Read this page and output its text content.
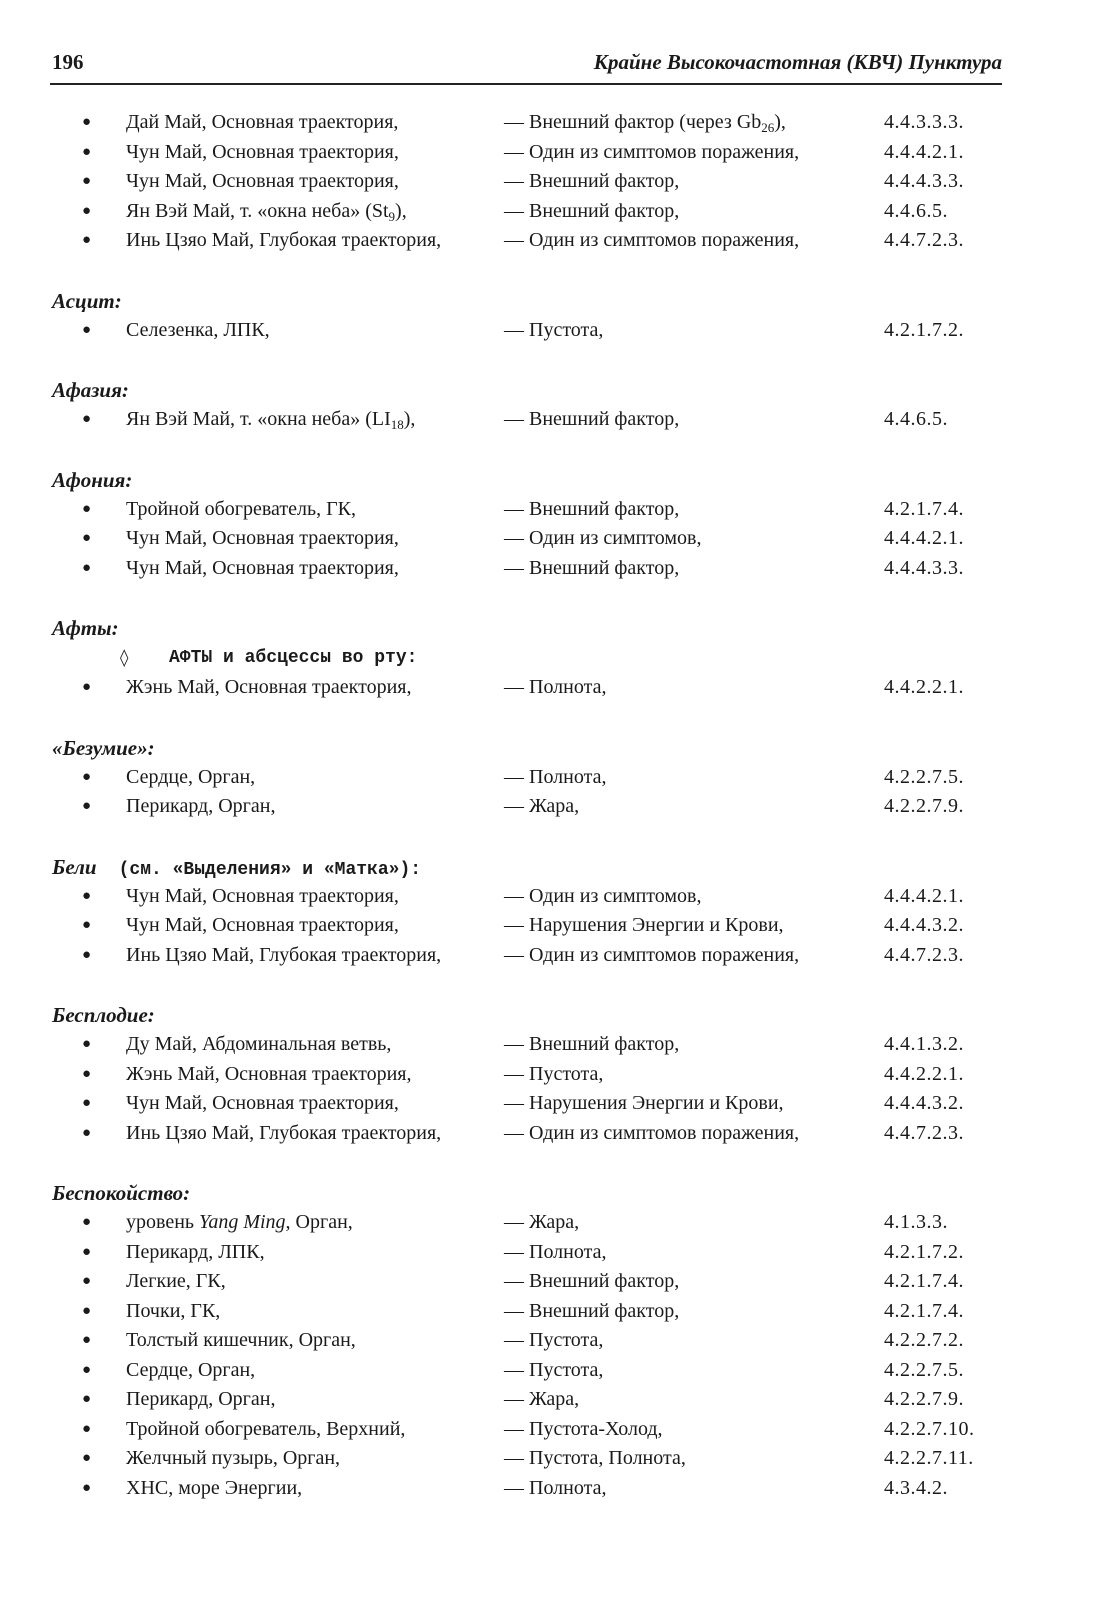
196	Крайне Высокочастотная (КВЧ) Пунктура
● Дай Май, Основная траектория,	— Внешний фактор (через $Gb_{26}$),	4.4.3.3.3.
● Чун Май, Основная траектория,	— Один из симптомов поражения,	4.4.4.2.1.
● Чун Май, Основная траектория,	— Внешний фактор,	4.4.4.3.3.
● Ян Вэй Май, т. «окна неба» $(St_9)$,	— Внешний фактор,	4.4.6.5.
● Инь Цзяо Май, Глубокая траектория,	— Один из симптомов поражения,	4.4.7.2.3.
Асцит:
● Селезенка, ЛПК,	— Пустота,	4.2.1.7.2.
Афазия:
● Ян Вэй Май, т. «окна неба» $(LI_{18})$,	— Внешний фактор,	4.4.6.5.
Афония:
● Тройной обогреватель, ГК,	— Внешний фактор,	4.2.1.7.4.
● Чун Май, Основная траектория,	— Один из симптомов,	4.4.4.2.1.
● Чун Май, Основная траектория,	— Внешний фактор,	4.4.4.3.3.
Афты:
◊ АФТЫ и абсцессы во рту:
● Жэнь Май, Основная траектория,	— Полнота,	4.4.2.2.1.
«Безумие»:
● Сердце, Орган,	— Полнота,	4.2.2.7.5.
● Перикард, Орган,	— Жара,	4.2.2.7.9.
Бели (см. «Выделения» и «Матка»):
● Чун Май, Основная траектория,	— Один из симптомов,	4.4.4.2.1.
● Чун Май, Основная траектория,	— Нарушения Энергии и Крови,	4.4.4.3.2.
● Инь Цзяо Май, Глубокая траектория,	— Один из симптомов поражения,	4.4.7.2.3.
Бесплодие:
● Ду Май, Абдоминальная ветвь,	— Внешний фактор,	4.4.1.3.2.
● Жэнь Май, Основная траектория,	— Пустота,	4.4.2.2.1.
● Чун Май, Основная траектория,	— Нарушения Энергии и Крови,	4.4.4.3.2.
● Инь Цзяо Май, Глубокая траектория,	— Один из симптомов поражения,	4.4.7.2.3.
Беспокойство:
● уровень Yang Ming, Орган,	— Жара,	4.1.3.3.
● Перикард, ЛПК,	— Полнота,	4.2.1.7.2.
● Легкие, ГК,	— Внешний фактор,	4.2.1.7.4.
● Почки, ГК,	— Внешний фактор,	4.2.1.7.4.
● Толстый кишечник, Орган,	— Пустота,	4.2.2.7.2.
● Сердце, Орган,	— Пустота,	4.2.2.7.5.
● Перикард, Орган,	— Жара,	4.2.2.7.9.
● Тройной обогреватель, Верхний,	— Пустота-Холод,	4.2.2.7.10.
● Желчный пузырь, Орган,	— Пустота, Полнота,	4.2.2.7.11.
● ХНС, море Энергии,	— Полнота,	4.3.4.2.
